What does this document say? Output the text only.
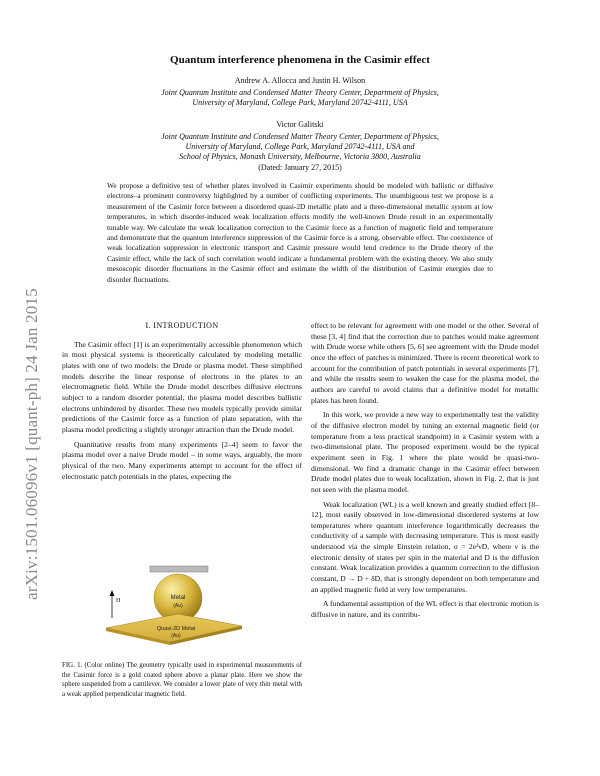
arXiv:1501.06096v1 [quant-ph] 24 Jan 2015
Quantum interference phenomena in the Casimir effect
Andrew A. Allocca and Justin H. Wilson
Joint Quantum Institute and Condensed Matter Theory Center, Department of Physics,
University of Maryland, College Park, Maryland 20742-4111, USA
Victor Galitski
Joint Quantum Institute and Condensed Matter Theory Center, Department of Physics,
University of Maryland, College Park, Maryland 20742-4111, USA and
School of Physics, Monash University, Melbourne, Victoria 3800, Australia
(Dated: January 27, 2015)
We propose a definitive test of whether plates involved in Casimir experiments should be modeled with ballistic or diffusive electrons–a prominent controversy highlighted by a number of conflicting experiments. The unambiguous test we propose is a measurement of the Casimir force between a disordered quasi-2D metallic plate and a three-dimensional metallic system at low temperatures, in which disorder-induced weak localization effects modify the well-known Drude result in an experimentally tunable way. We calculate the weak localization correction to the Casimir force as a function of magnetic field and temperature and demonstrate that the quantum interference suppression of the Casimir force is a strong, observable effect. The coexistence of weak localization suppression in electronic transport and Casimir pressure would lend credence to the Drude theory of the Casimir effect, while the lack of such correlation would indicate a fundamental problem with the existing theory. We also study mesoscopic disorder fluctuations in the Casimir effect and estimate the width of the distribution of Casimir energies due to disorder fluctuations.
I. INTRODUCTION

The Casimir effect [1] is an experimentally accessible phenomenon which in most physical systems is theoretically calculated by modeling metallic plates with one of two models: the Drude or plasma model. These simplified models describe the linear response of electrons in the plates to an electromagnetic field. While the Drude model describes diffusive electrons subject to a random disorder potential, the plasma model describes ballistic electrons unhindered by disorder. These two models typically provide similar predictions of the Casimir force as a function of plate separation, with the plasma model predicting a slightly stronger attraction than the Drude model.

Quantitative results from many experiments [2–4] seem to favor the plasma model over a naive Drude model – in some ways, arguably, the more physical of the two. Many experiments attempt to account for the effect of electrostatic patch potentials in the plates, expecting the

Metal
(Au)
Quasi-2D Metal
(Au)
H
FIG. 1. (Color online) The geometry typically used in experimental measurements of the Casimir force is a gold coated sphere above a planar plate. Here we show the sphere suspended from a cantilever. We consider a lower plate of very thin metal with a weak applied perpendicular magnetic field.

effect to be relevant for agreement with one model or the other. Several of these [3, 4] find that the correction due to patches would make agreement with Drude worse while others [5, 6] see agreement with the Drude model once the effect of patches is minimized. There is recent theoretical work to account for the contribution of patch potentials in several experiments [7], and while the results seem to weaken the case for the plasma model, the authors are careful to avoid claims that a definitive model for metallic plates has been found.

In this work, we provide a new way to experimentally test the validity of the diffusive electron model by tuning an external magnetic field (or temperature from a less practical standpoint) in a Casimir system with a two-dimensional plate. The proposed experiment would be the typical experiment seen in Fig. 1 where the plate would be quasi-two-dimensional. We find a dramatic change in the Casimir effect between Drude model plates due to weak localization, shown in Fig. 2, that is just not seen with the plasma model.

Weak localization (WL) is a well known and greatly studied effect [8–12], most easily observed in low-dimensional disordered systems at low temperatures where quantum interference logarithmically decreases the conductivity of a sample with decreasing temperature. This is most easily understood via the simple Einstein relation, σ = 2e²νD, where ν is the electronic density of states per spin in the material and D is the diffusion constant. Weak localization provides a quantum correction to the diffusion constant, D → D + δD, that is strongly dependent on both temperature and an applied magnetic field at very low temperatures.

A fundamental assumption of the WL effect is that electronic motion is diffusive in nature, and its contribu-
